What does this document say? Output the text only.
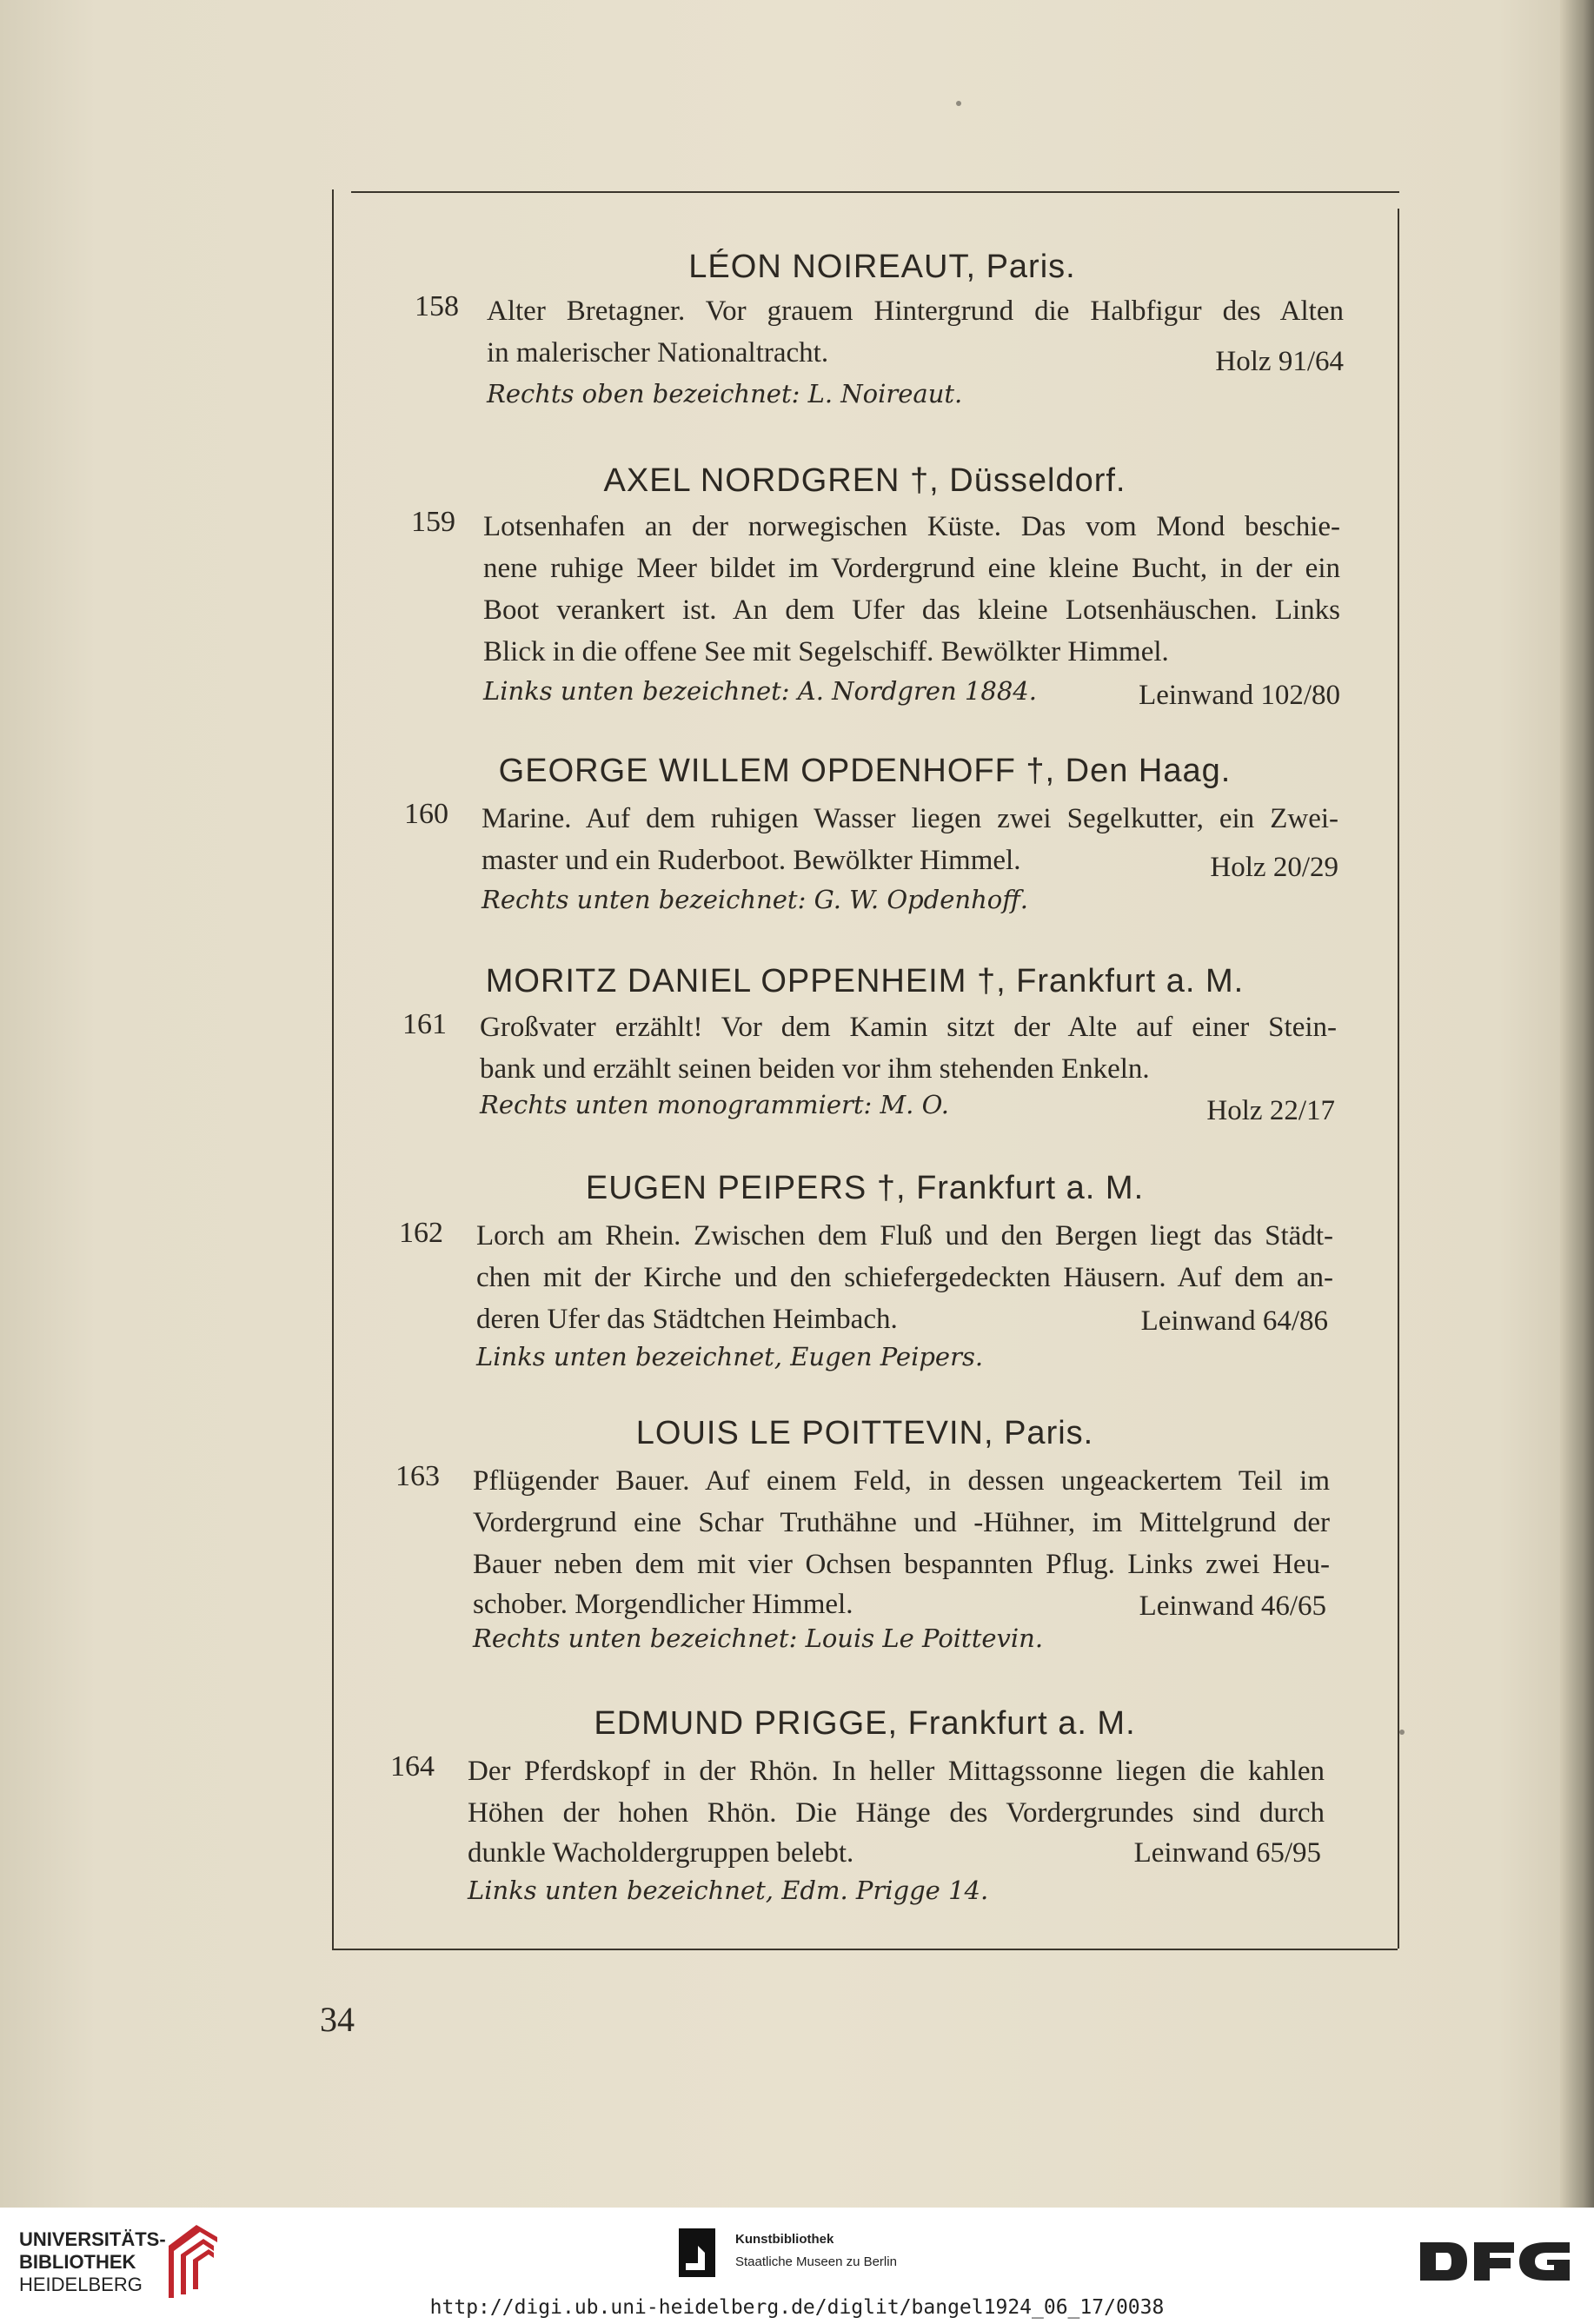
LÉON NOIREAUT, Paris.
158 Alter Bretagner. Vor grauem Hintergrund die Halbfigur des Alten
in malerischer Nationaltracht.	Holz 91/64
Rechts oben bezeichnet: L. Noireaut.
AXEL NORDGREN †, Düsseldorf.
159 Lotsenhafen an der norwegischen Küste. Das vom Mond beschie-
nene ruhige Meer bildet im Vordergrund eine kleine Bucht, in der ein
Boot verankert ist. An dem Ufer das kleine Lotsenhäuschen. Links
Blick in die offene See mit Segelschiff. Bewölkter Himmel.
Links unten bezeichnet: A. Nordgren 1884.	Leinwand 102/80
GEORGE WILLEM OPDENHOFF †, Den Haag.
160 Marine. Auf dem ruhigen Wasser liegen zwei Segelkutter, ein Zwei-
master und ein Ruderboot. Bewölkter Himmel.	Holz 20/29
Rechts unten bezeichnet: G. W. Opdenhoff.
MORITZ DANIEL OPPENHEIM †, Frankfurt a. M.
161 Großvater erzählt! Vor dem Kamin sitzt der Alte auf einer Stein-
bank und erzählt seinen beiden vor ihm stehenden Enkeln.
Rechts unten monogrammiert: M. O.	Holz 22/17
EUGEN PEIPERS †, Frankfurt a. M.
162 Lorch am Rhein. Zwischen dem Fluß und den Bergen liegt das Städt-
chen mit der Kirche und den schiefergedeckten Häusern. Auf dem an-
deren Ufer das Städtchen Heimbach.	Leinwand 64/86
Links unten bezeichnet, Eugen Peipers.
LOUIS LE POITTEVIN, Paris.
163 Pflügender Bauer. Auf einem Feld, in dessen ungeackertem Teil im
Vordergrund eine Schar Truthähne und -Hühner, im Mittelgrund der
Bauer neben dem mit vier Ochsen bespannten Pflug. Links zwei Heu-
schober. Morgendlicher Himmel.	Leinwand 46/65
Rechts unten bezeichnet: Louis Le Poittevin.
EDMUND PRIGGE, Frankfurt a. M.
164 Der Pferdskopf in der Rhön. In heller Mittagssonne liegen die kahlen
Höhen der hohen Rhön. Die Hänge des Vordergrundes sind durch
dunkle Wacholdergruppen belebt.	Leinwand 65/95
Links unten bezeichnet, Edm. Prigge 14.
34
UNIVERSITÄTS-
BIBLIOTHEK
HEIDELBERG
Kunstbibliothek
Staatliche Museen zu Berlin
http://digi.ub.uni-heidelberg.de/diglit/bangel1924_06_17/0038
